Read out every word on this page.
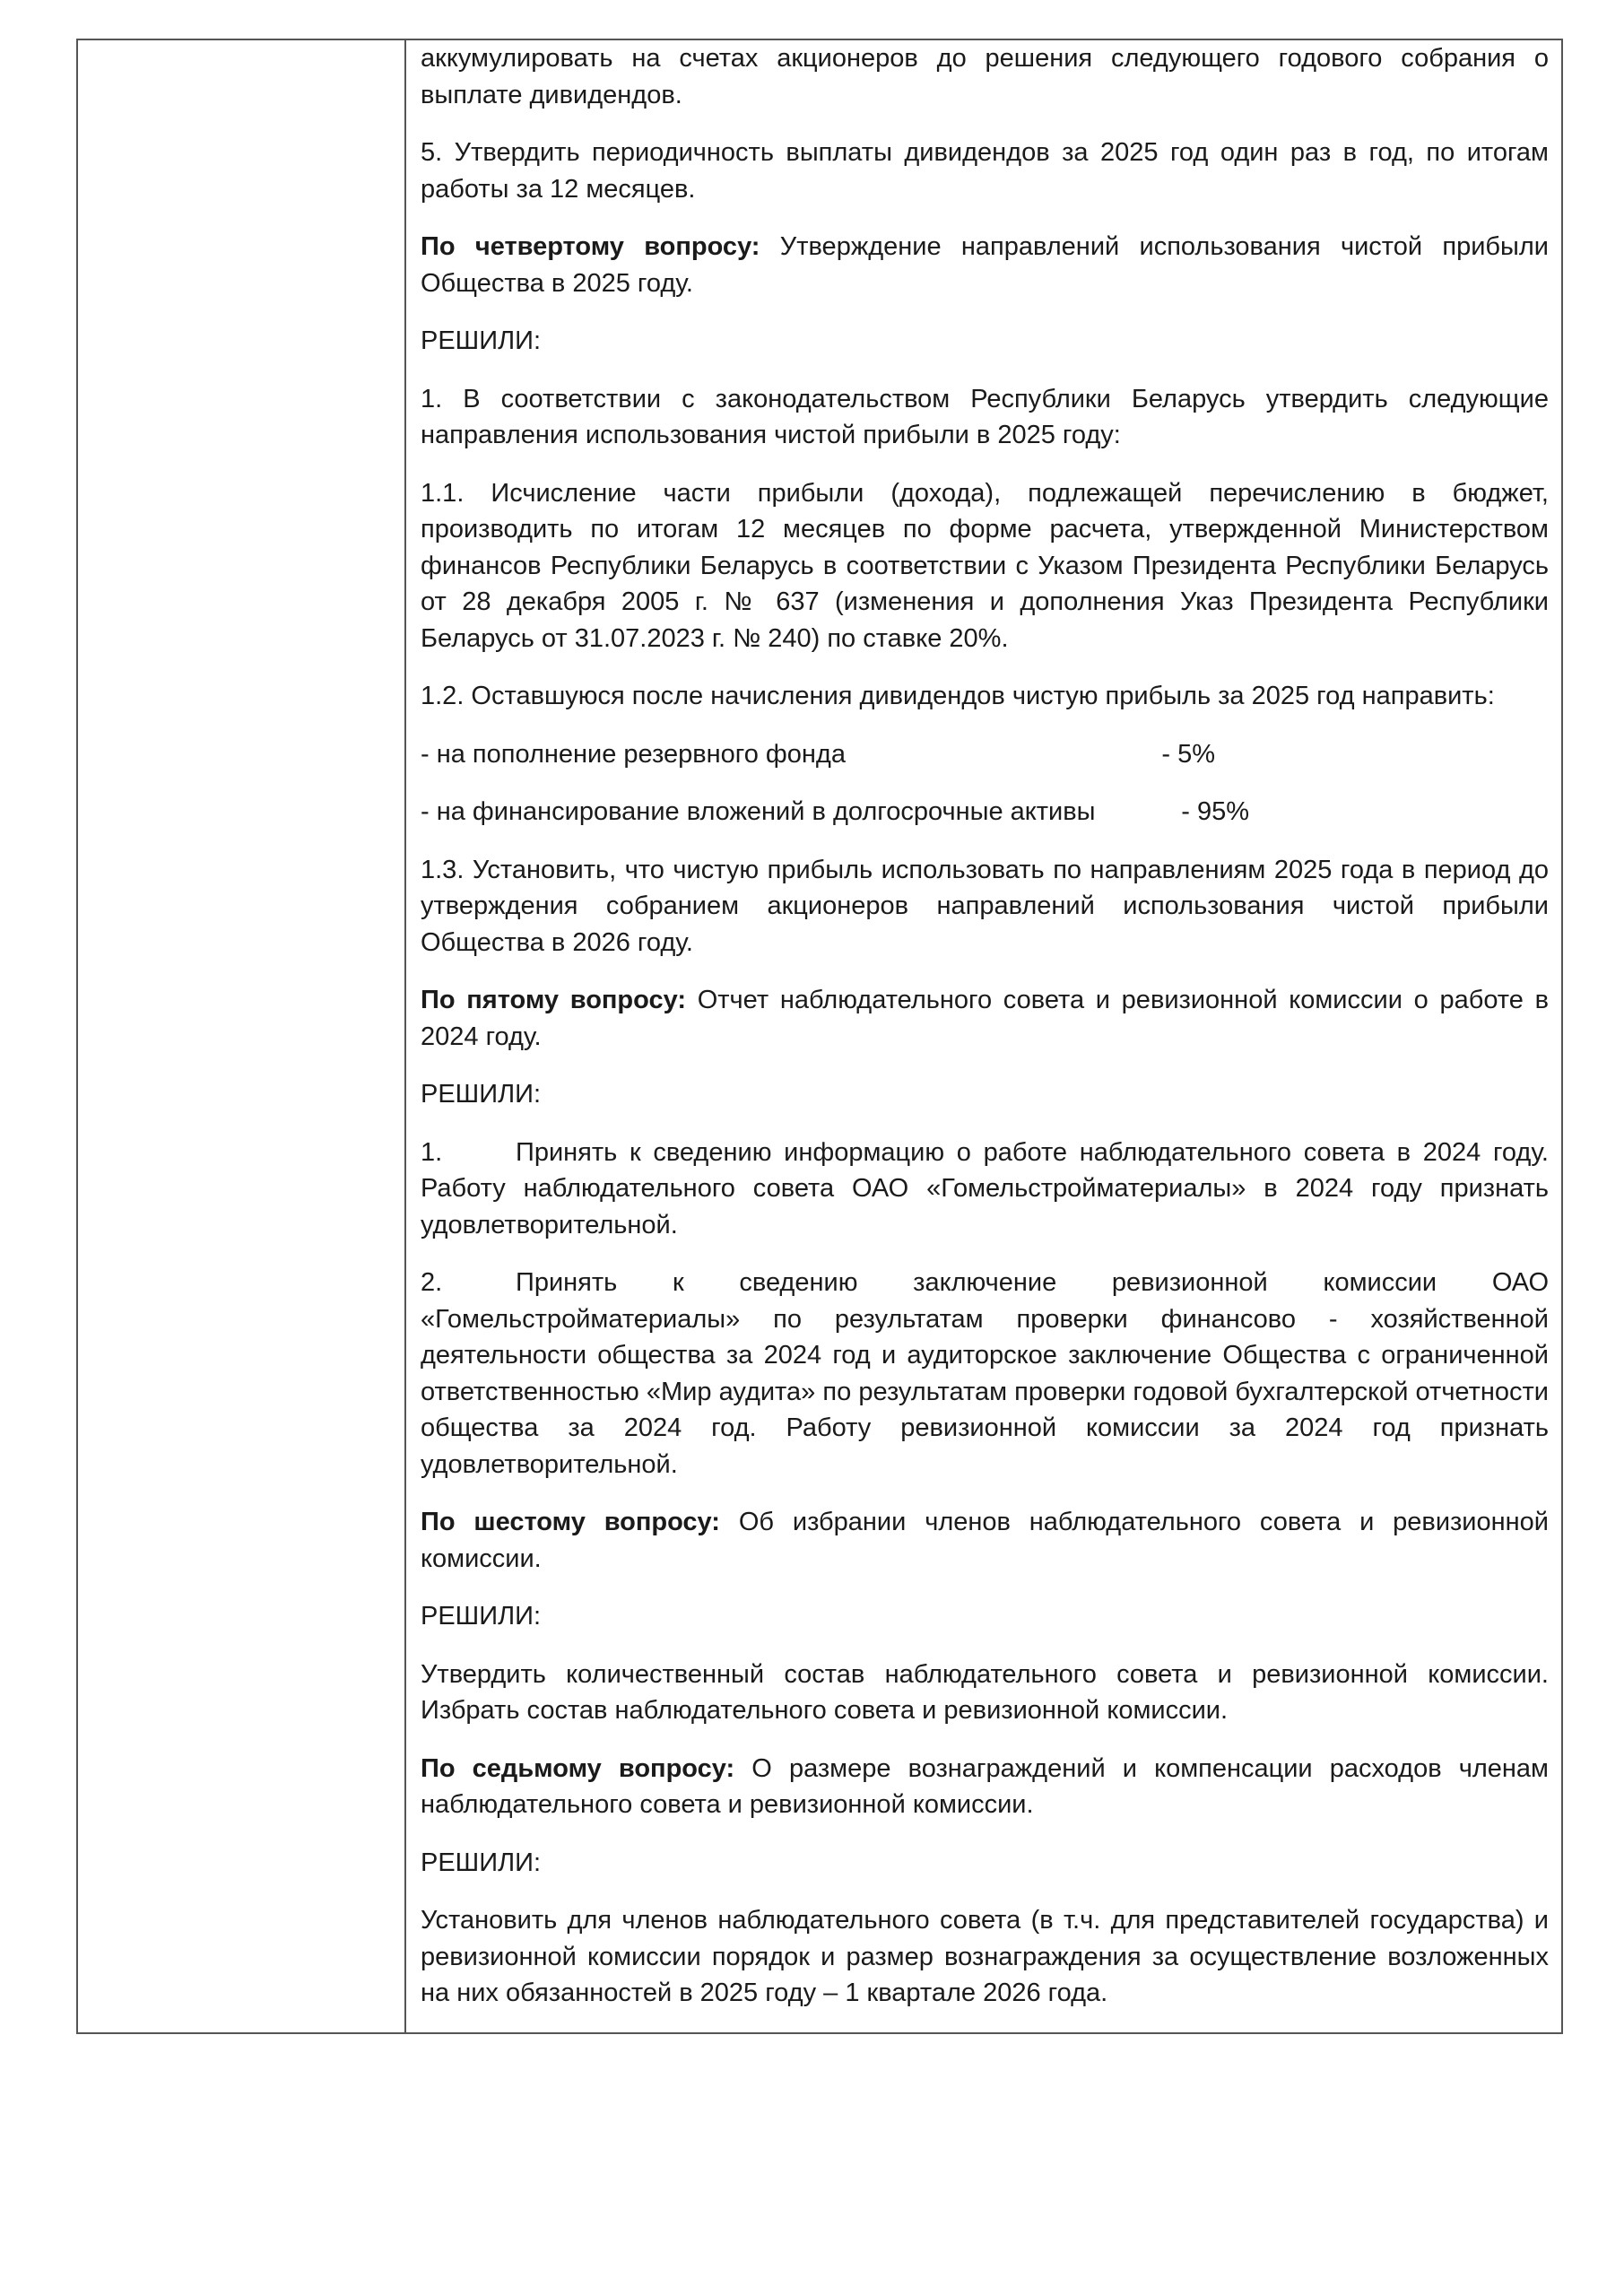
аккумулировать на счетах акционеров до решения следующего годового собрания о выплате дивидендов.

5. Утвердить периодичность выплаты дивидендов за 2025 год один раз в год, по итогам работы за 12 месяцев.

По четвертому вопросу: Утверждение направлений использования чистой прибыли Общества в 2025 году.

РЕШИЛИ:

1. В соответствии с законодательством Республики Беларусь утвердить следующие направления использования чистой прибыли в 2025 году:

1.1. Исчисление части прибыли (дохода), подлежащей перечислению в бюджет, производить по итогам 12 месяцев по форме расчета, утвержденной Министерством финансов Республики Беларусь в соответствии с Указом Президента Республики Беларусь от 28 декабря 2005 г. № 637 (изменения и дополнения Указ Президента Республики Беларусь от 31.07.2023 г. № 240) по ставке 20%.

1.2. Оставшуюся после начисления дивидендов чистую прибыль за 2025 год направить:

- на пополнение резервного фонда	- 5%
- на финансирование вложений в долгосрочные активы	- 95%

1.3. Установить, что чистую прибыль использовать по направлениям 2025 года в период до утверждения собранием акционеров направлений использования чистой прибыли Общества в 2026 году.

По пятому вопросу: Отчет наблюдательного совета и ревизионной комиссии о работе в 2024 году.

РЕШИЛИ:

1.	Принять к сведению информацию о работе наблюдательного совета в 2024 году. Работу наблюдательного совета ОАО «Гомельстройматериалы» в 2024 году признать удовлетворительной.

2.	Принять к сведению заключение ревизионной комиссии ОАО «Гомельстройматериалы» по результатам проверки финансово - хозяйственной деятельности общества за 2024 год и аудиторское заключение Общества с ограниченной ответственностью «Мир аудита» по результатам проверки годовой бухгалтерской отчетности общества за 2024 год. Работу ревизионной комиссии за 2024 год признать удовлетворительной.

По шестому вопросу: Об избрании членов наблюдательного совета и ревизионной комиссии.

РЕШИЛИ:

Утвердить количественный состав наблюдательного совета и ревизионной комиссии. Избрать состав наблюдательного совета и ревизионной комиссии.

По седьмому вопросу: О размере вознаграждений и компенсации расходов членам наблюдательного совета и ревизионной комиссии.

РЕШИЛИ:

Установить для членов наблюдательного совета (в т.ч. для представителей государства) и ревизионной комиссии порядок и размер вознаграждения за осуществление возложенных на них обязанностей в 2025 году – 1 квартале 2026 года.
